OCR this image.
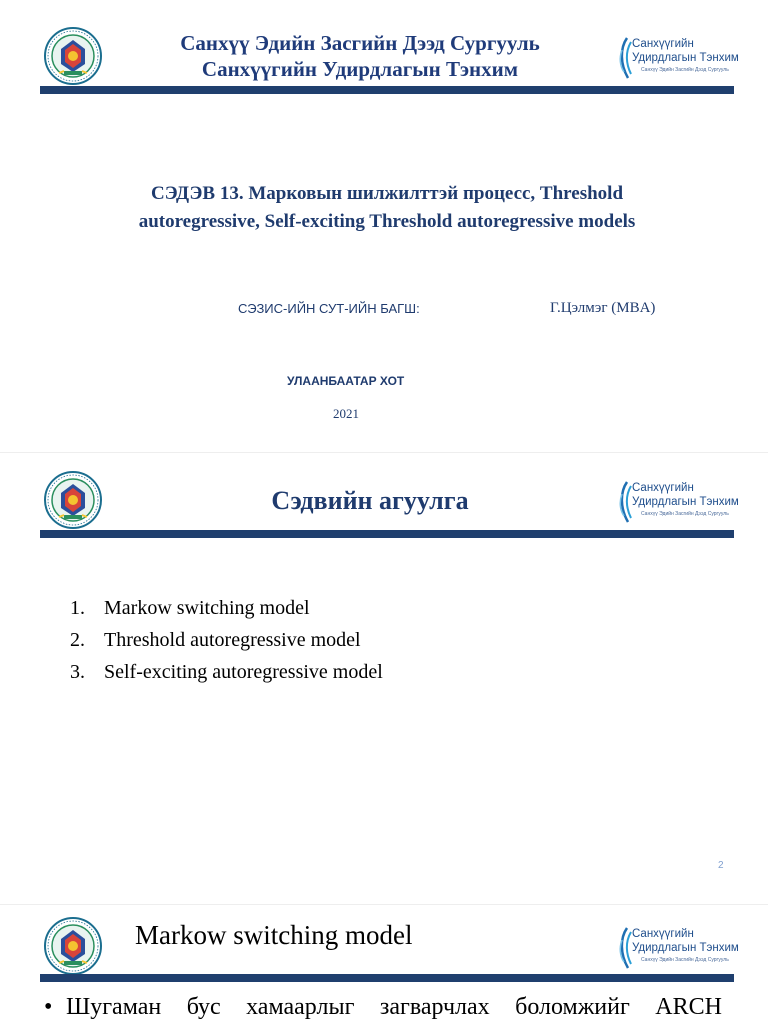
Санхүү Эдийн Засгийн Дээд Сургууль
Санхүүгийн Удирдлагын Тэнхим
Санхүүгийн
Удирдлагын Тэнхим
Санхүү Эдийн Засгийн Дээд Сургууль
СЭДЭВ 13. Марковын шилжилттэй процесс, Threshold
autoregressive, Self-exciting Threshold autoregressive models
СЭЗИС-ИЙН СУТ-ИЙН БАГШ:	Г.Цэлмэг (MBA)
УЛААНБААТАР ХОТ
2021
Сэдвийн агуулга	Санхүүгийн
Удирдлагын Тэнхим
Санхүү Эдийн Засгийн Дээд Сургууль
1. Markow switching model
2. Threshold autoregressive model
3. Self-exciting autoregressive model
2
Markow switching model	Санхүүгийн
Удирдлагын Тэнхим
Санхүү Эдийн Засгийн Дээд Сургууль
• Шугаман бус хамаарлыг загварчлах боломжийг ARCH
